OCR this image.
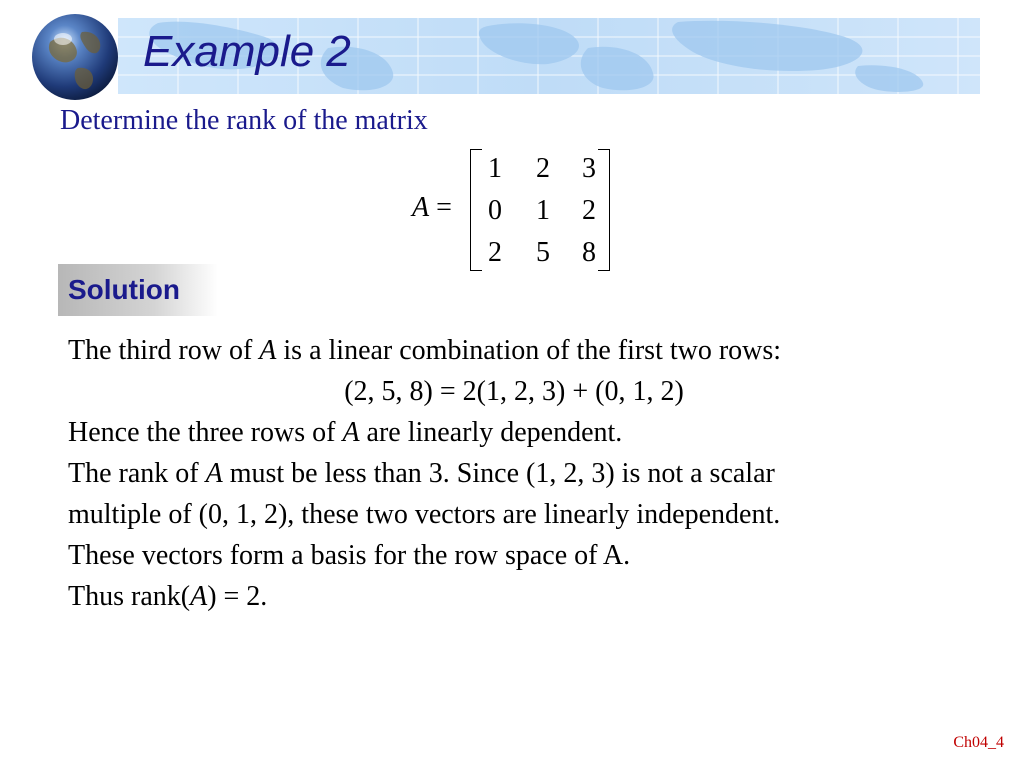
Example 2
Determine the rank of the matrix
A =
1 2 3
0 1 2
2 5 8
Solution

The third row of A is a linear combination of the first two rows:

(2, 5, 8) = 2(1, 2, 3) + (0, 1, 2)

Hence the three rows of A are linearly dependent.

The rank of A must be less than 3. Since (1, 2, 3) is not a scalar

multiple of (0, 1, 2), these two vectors are linearly independent.

These vectors form a basis for the row space of A.

Thus rank(A) = 2.

Ch04_4
